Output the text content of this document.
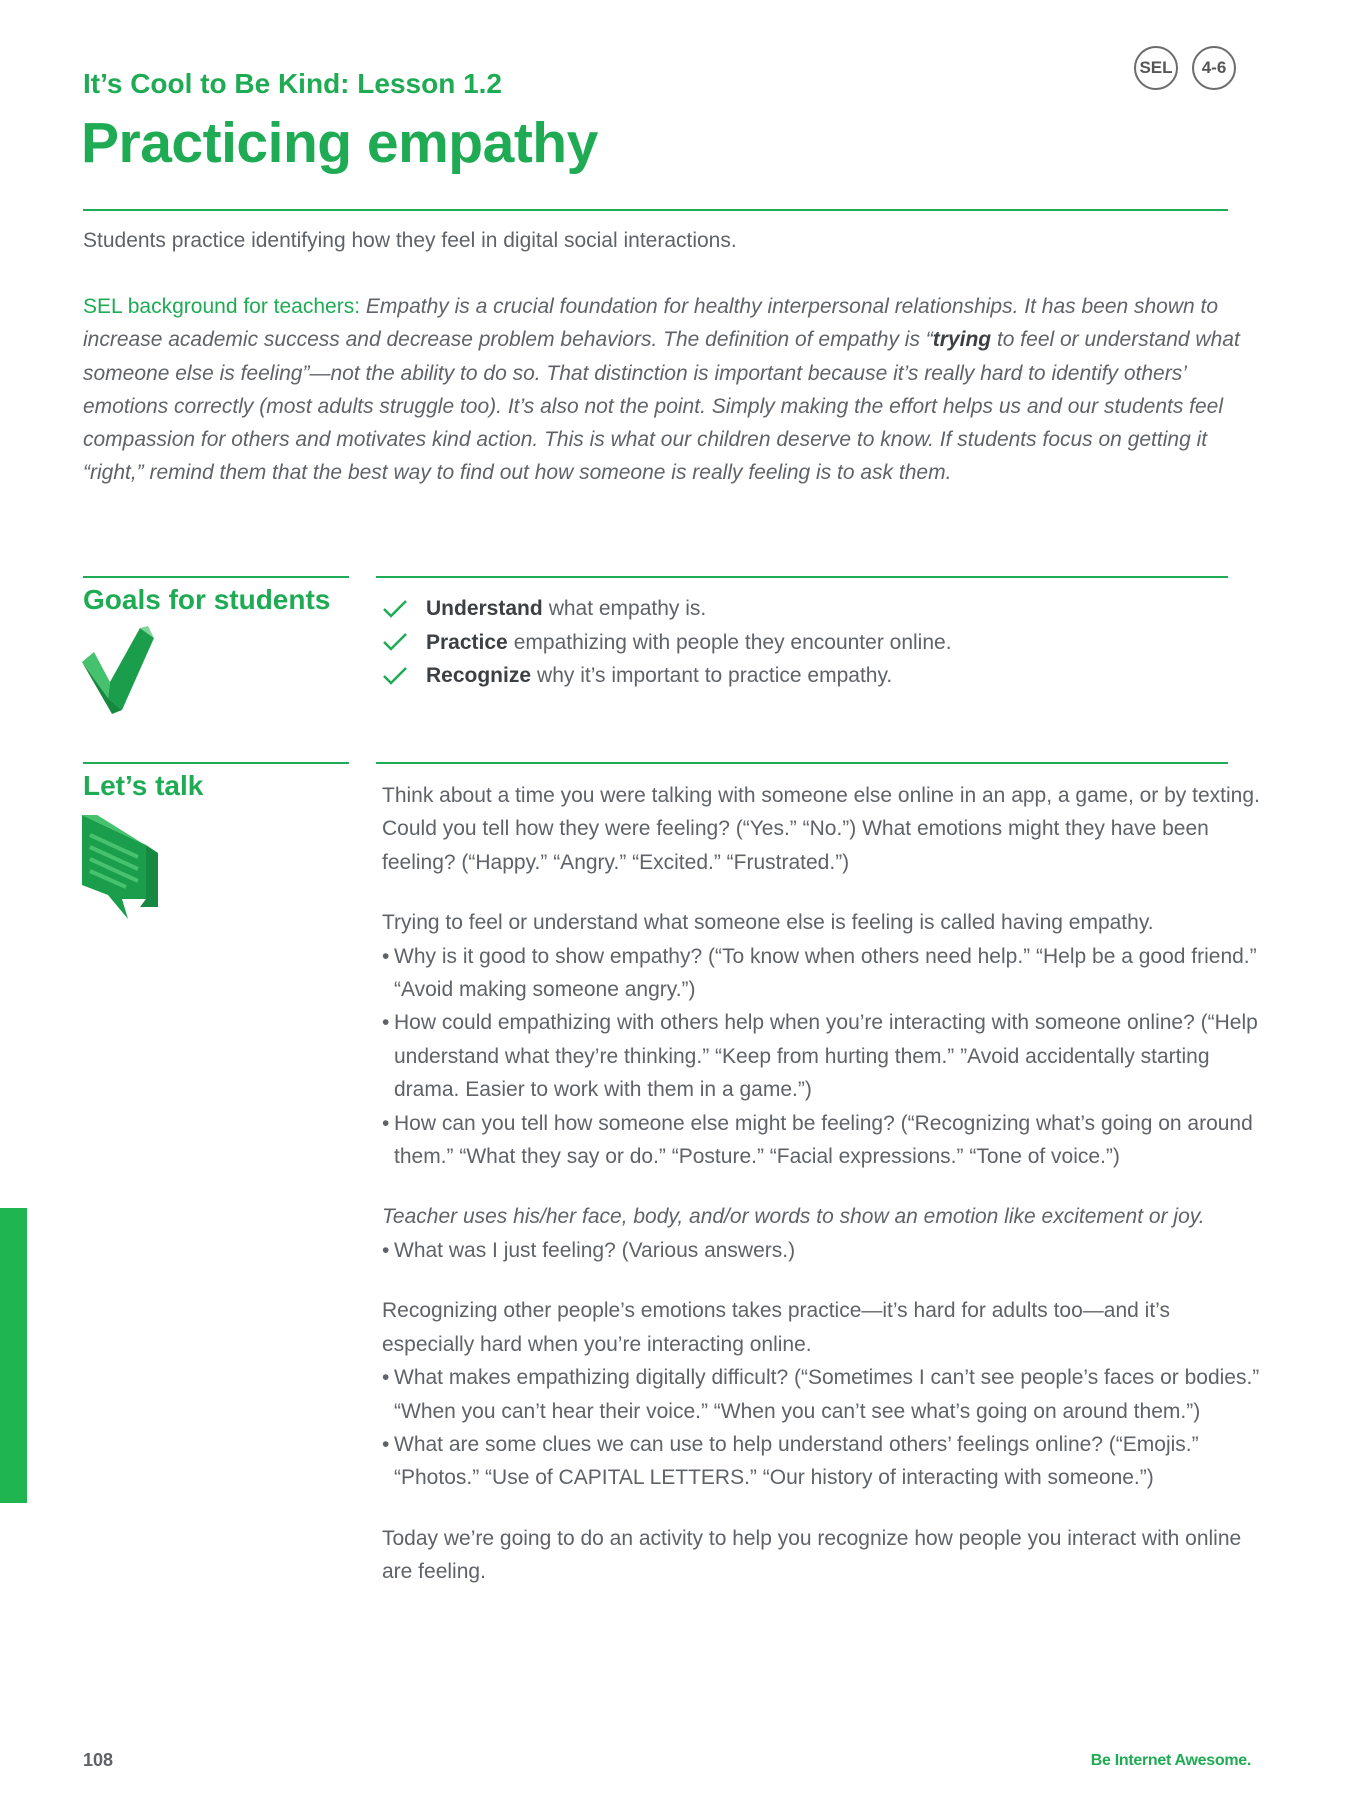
It’s Cool to Be Kind: Lesson 1.2
Practicing empathy
SEL	4-6
Students practice identifying how they feel in digital social interactions.
SEL background for teachers: Empathy is a crucial foundation for healthy interpersonal relationships. It has been shown to increase academic success and decrease problem behaviors. The definition of empathy is “trying to feel or understand what someone else is feeling”—not the ability to do so. That distinction is important because it’s really hard to identify others’ emotions correctly (most adults struggle too). It’s also not the point. Simply making the effort helps us and our students feel compassion for others and motivates kind action. This is what our children deserve to know. If students focus on getting it “right,” remind them that the best way to find out how someone is really feeling is to ask them.
Goals for students	Understand what empathy is.
Practice empathizing with people they encounter online.
Recognize why it’s important to practice empathy.
Let’s talk	Think about a time you were talking with someone else online in an app, a game, or by texting. Could you tell how they were feeling? (“Yes.” “No.”) What emotions might they have been feeling? (“Happy.” “Angry.” “Excited.” “Frustrated.”)

Trying to feel or understand what someone else is feeling is called having empathy.

• Why is it good to show empathy? (“To know when others need help.” “Help be a good friend.” “Avoid making someone angry.”)

• How could empathizing with others help when you’re interacting with someone online? (“Help understand what they’re thinking.” “Keep from hurting them.” ”Avoid accidentally starting drama. Easier to work with them in a game.”)

• How can you tell how someone else might be feeling? (“Recognizing what’s going on around them.” “What they say or do.” “Posture.” “Facial expressions.” “Tone of voice.”)

Teacher uses his/her face, body, and/or words to show an emotion like excitement or joy.

• What was I just feeling? (Various answers.)

Recognizing other people’s emotions takes practice—it’s hard for adults too—and it’s especially hard when you’re interacting online.

• What makes empathizing digitally difficult? (“Sometimes I can’t see people’s faces or bodies.” “When you can’t hear their voice.” “When you can’t see what’s going on around them.”)

• What are some clues we can use to help understand others’ feelings online? (“Emojis.” “Photos.” “Use of CAPITAL LETTERS.” “Our history of interacting with someone.”)

Today we’re going to do an activity to help you recognize how people you interact with online are feeling.

108	Be Internet Awesome.
